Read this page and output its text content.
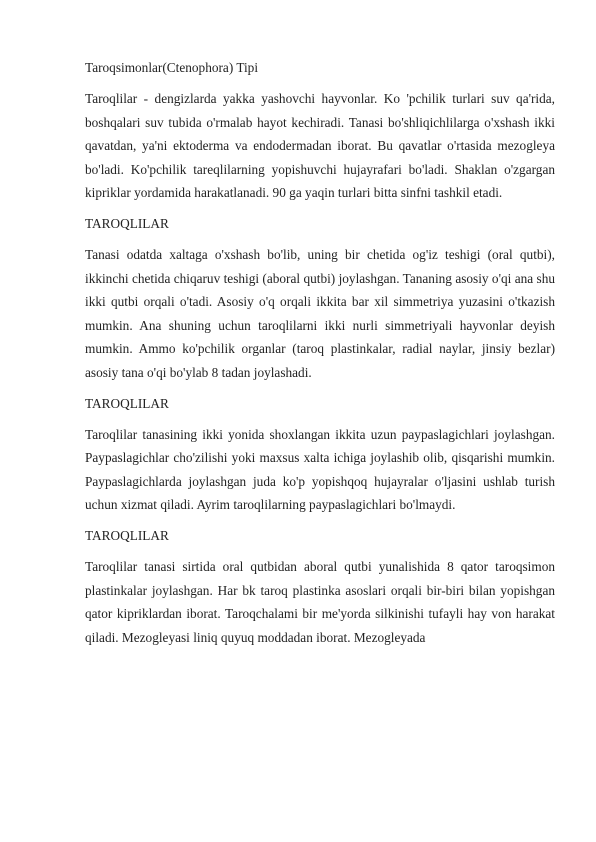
Taroqsimonlar(Ctenophora) Tipi

Taroqlilar - dengizlarda yakka yashovchi hayvonlar. Ko 'pchilik turlari suv qa'rida, boshqalari suv tubida o'rmalab hayot kechiradi. Tanasi bo'shliqichlilarga o'xshash ikki qavatdan, ya'ni ektoderma va endodermadan iborat. Bu qavatlar o'rtasida mezogleya bo'ladi. Ko'pchilik tareqlilarning yopishuvchi hujayrafari bo'ladi. Shaklan o'zgargan kipriklar yordamida harakatlanadi. 90 ga yaqin turlari bitta sinfni tashkil etadi.

TAROQLILAR

Tanasi odatda xaltaga o'xshash bo'lib, uning bir chetida og'iz teshigi (oral qutbi), ikkinchi chetida chiqaruv teshigi (aboral qutbi) joylashgan. Tananing asosiy o'qi ana shu ikki qutbi orqali o'tadi. Asosiy o'q orqali ikkita bar xil simmetriya yuzasini o'tkazish mumkin. Ana shuning uchun taroqlilarni ikki nurli simmetriyali hayvonlar deyish mumkin. Ammo ko'pchilik organlar (taroq plastinkalar, radial naylar, jinsiy bezlar) asosiy tana o'qi bo'ylab 8 tadan joylashadi.

TAROQLILAR

Taroqlilar tanasining ikki yonida shoxlangan ikkita uzun paypaslagichlari joylashgan. Paypaslagichlar cho'zilishi yoki maxsus xalta ichiga joylashib olib, qisqarishi mumkin. Paypaslagichlarda joylashgan juda ko'p yopishqoq hujayralar o'ljasini ushlab turish uchun xizmat qiladi. Ayrim taroqlilarning paypaslagichlari bo'lmaydi.

TAROQLILAR

Taroqlilar tanasi sirtida oral qutbidan aboral qutbi yunalishida 8 qator taroqsimon plastinkalar joylashgan. Har bk taroq plastinka asoslari orqali bir-biri bilan yopishgan qator kipriklardan iborat. Taroqchalami bir me'yorda silkinishi tufayli hay von harakat qiladi. Mezogleyasi liniq quyuq moddadan iborat. Mezogleyada
